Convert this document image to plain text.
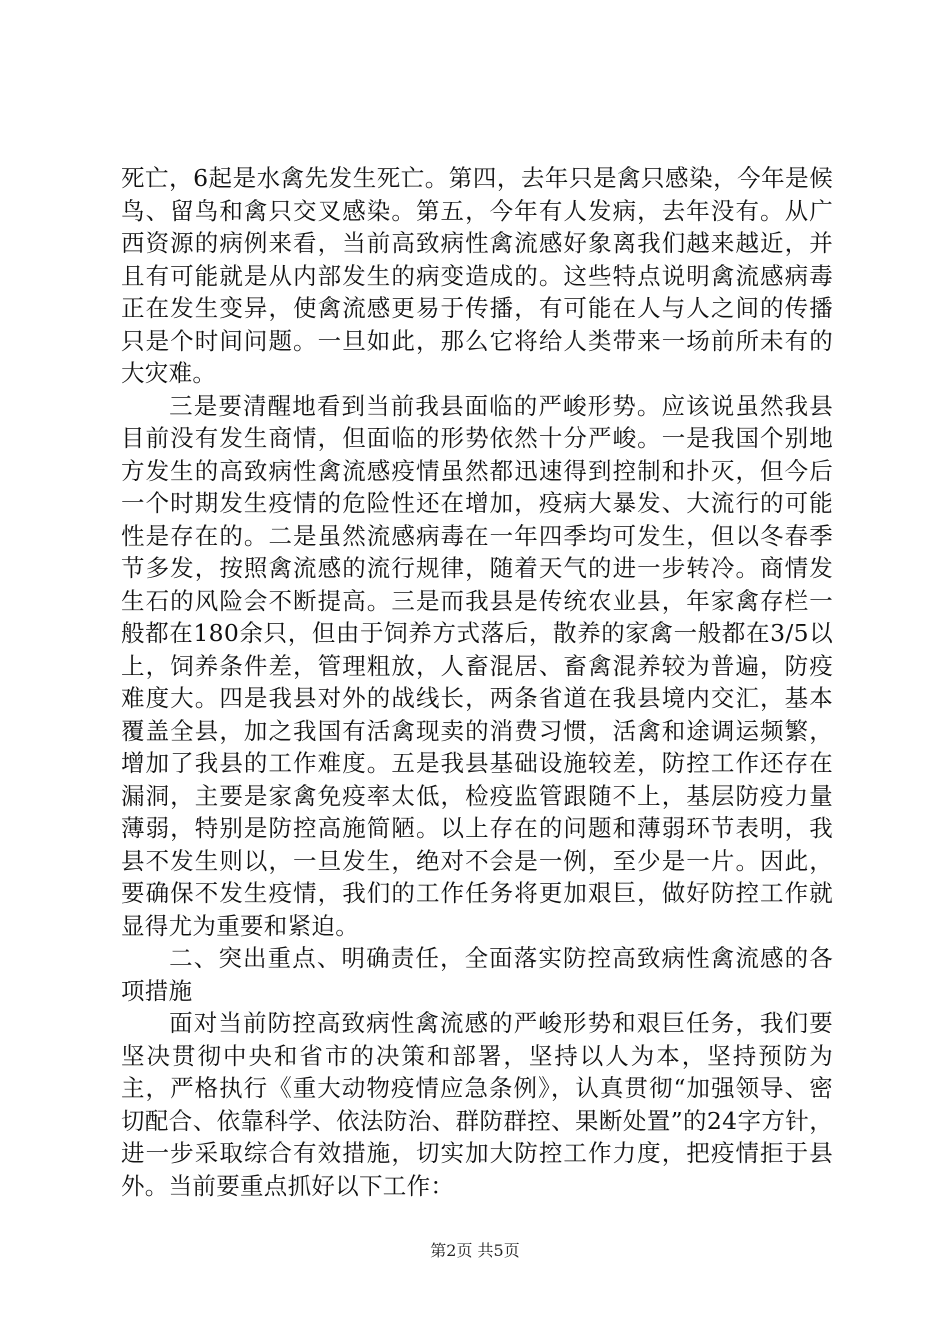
死亡，6起是水禽先发生死亡。第四，去年只是禽只感染，今年是候鸟、留鸟和禽只交叉感染。第五，今年有人发病，去年没有。从广西资源的病例来看，当前高致病性禽流感好象离我们越来越近，并且有可能就是从内部发生的病变造成的。这些特点说明禽流感病毒正在发生变异，使禽流感更易于传播，有可能在人与人之间的传播只是个时间问题。一旦如此，那么它将给人类带来一场前所未有的大灾难。

三是要清醒地看到当前我县面临的严峻形势。应该说虽然我县目前没有发生商情，但面临的形势依然十分严峻。一是我国个别地方发生的高致病性禽流感疫情虽然都迅速得到控制和扑灭，但今后一个时期发生疫情的危险性还在增加，疫病大暴发、大流行的可能性是存在的。二是虽然流感病毒在一年四季均可发生，但以冬春季节多发，按照禽流感的流行规律，随着天气的进一步转冷。商情发生石的风险会不断提高。三是而我县是传统农业县，年家禽存栏一般都在180余只，但由于饲养方式落后，散养的家禽一般都在3/5以上，饲养条件差，管理粗放，人畜混居、畜禽混养较为普遍，防疫难度大。四是我县对外的战线长，两条省道在我县境内交汇，基本覆盖全县，加之我国有活禽现卖的消费习惯，活禽和途调运频繁，增加了我县的工作难度。五是我县基础设施较差，防控工作还存在漏洞，主要是家禽免疫率太低，检疫监管跟随不上，基层防疫力量薄弱，特别是防控高施简陋。以上存在的问题和薄弱环节表明，我县不发生则以，一旦发生，绝对不会是一例，至少是一片。因此，要确保不发生疫情，我们的工作任务将更加艰巨，做好防控工作就显得尤为重要和紧迫。

二、突出重点、明确责任，全面落实防控高致病性禽流感的各项措施

面对当前防控高致病性禽流感的严峻形势和艰巨任务，我们要坚决贯彻中央和省市的决策和部署，坚持以人为本，坚持预防为主，严格执行《重大动物疫情应急条例》，认真贯彻“加强领导、密切配合、依靠科学、依法防治、群防群控、果断处置”的24字方针，进一步采取综合有效措施，切实加大防控工作力度，把疫情拒于县外。当前要重点抓好以下工作：

第2页 共5页
